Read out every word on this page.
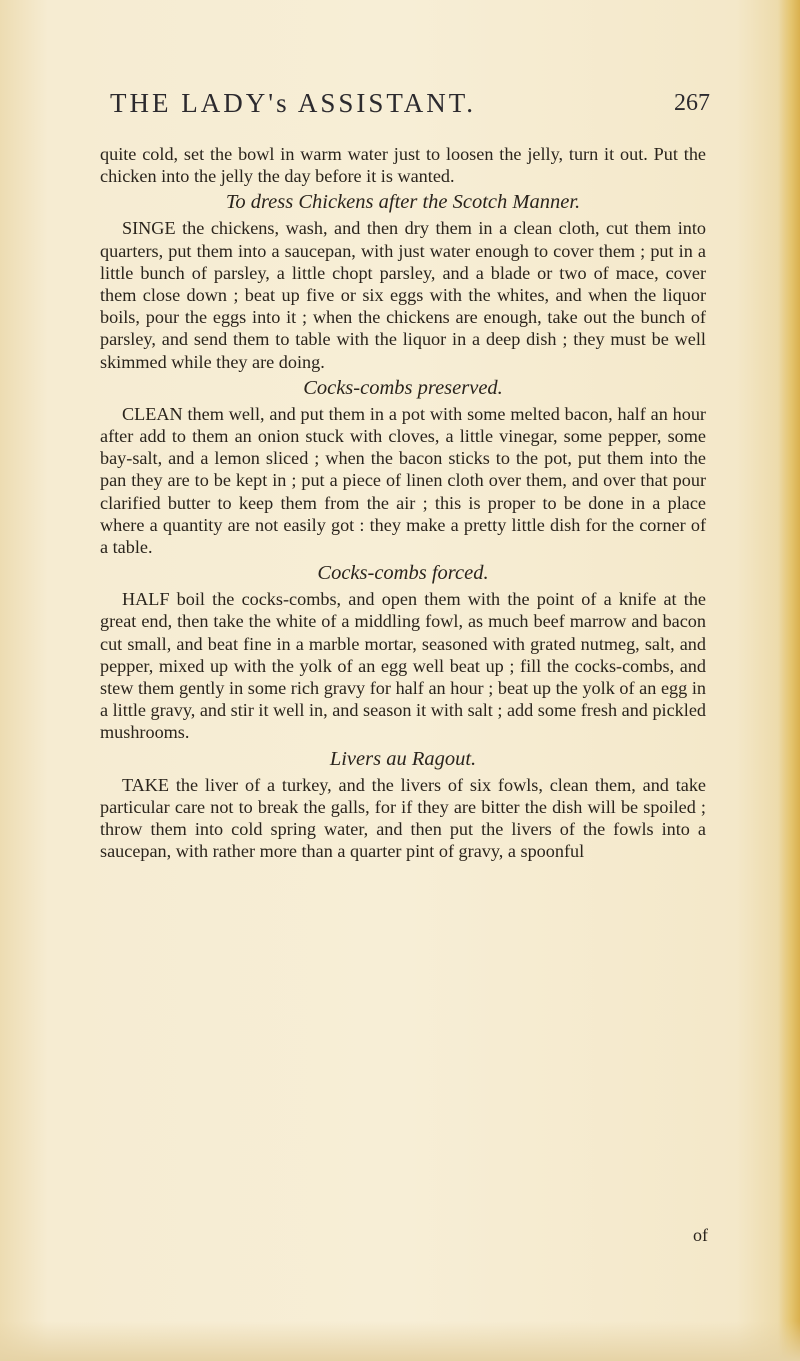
THE LADY's ASSISTANT.	267

quite cold, set the bowl in warm water just to loosen the jelly, turn it out. Put the chicken into the jelly the day before it is wanted.

To dress Chickens after the Scotch Manner.

SINGE the chickens, wash, and then dry them in a clean cloth, cut them into quarters, put them into a saucepan, with just water enough to cover them ; put in a little bunch of parsley, a little chopt parsley, and a blade or two of mace, cover them close down ; beat up five or six eggs with the whites, and when the liquor boils, pour the eggs into it ; when the chickens are enough, take out the bunch of parsley, and send them to table with the liquor in a deep dish ; they must be well skimmed while they are doing.

Cocks-combs preserved.

CLEAN them well, and put them in a pot with some melted bacon, half an hour after add to them an onion stuck with cloves, a little vinegar, some pepper, some bay-salt, and a lemon sliced ; when the bacon sticks to the pot, put them into the pan they are to be kept in ; put a piece of linen cloth over them, and over that pour clarified butter to keep them from the air ; this is proper to be done in a place where a quantity are not easily got : they make a pretty little dish for the corner of a table.

Cocks-combs forced.

HALF boil the cocks-combs, and open them with the point of a knife at the great end, then take the white of a middling fowl, as much beef marrow and bacon cut small, and beat fine in a marble mortar, seasoned with grated nutmeg, salt, and pepper, mixed up with the yolk of an egg well beat up ; fill the cocks-combs, and stew them gently in some rich gravy for half an hour ; beat up the yolk of an egg in a little gravy, and stir it well in, and season it with salt ; add some fresh and pickled mushrooms.

Livers au Ragout.

TAKE the liver of a turkey, and the livers of six fowls, clean them, and take particular care not to break the galls, for if they are bitter the dish will be spoiled ; throw them into cold spring water, and then put the livers of the fowls into a saucepan, with rather more than a quarter pint of gravy, a spoonful

of
